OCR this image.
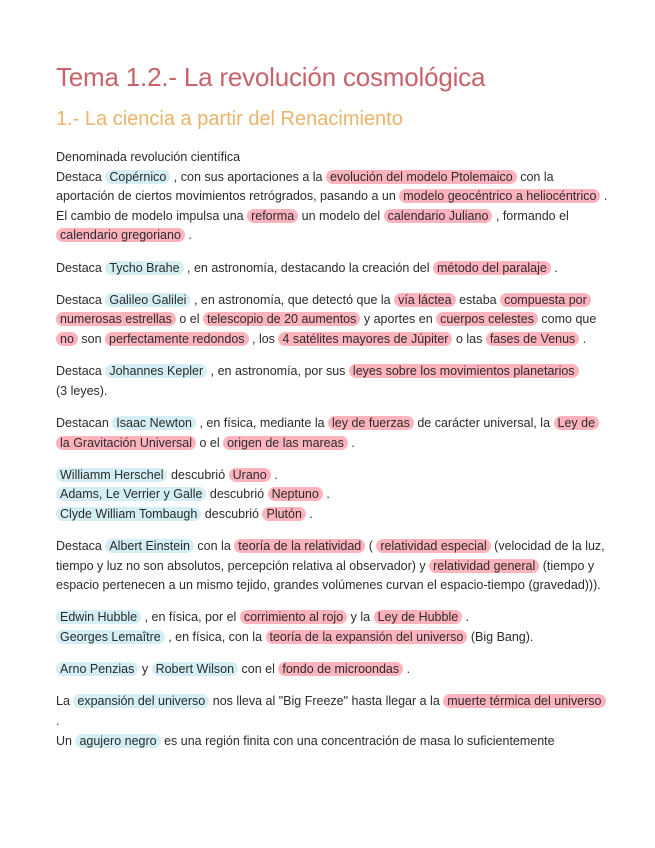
Tema 1.2.- La revolución cosmológica
1.- La ciencia a partir del Renacimiento

Denominada revolución científica
Destaca Copérnico , con sus aportaciones a la evolución del modelo Ptolemaico con la aportación de ciertos movimientos retrógrados, pasando a un modelo geocéntrico a heliocéntrico . El cambio de modelo impulsa una reforma un modelo del calendario Juliano , formando el calendario gregoriano .

Destaca Tycho Brahe , en astronomía, destacando la creación del método del paralaje .

Destaca Galileo Galilei , en astronomía, que detectó que la vía láctea estaba compuesta por numerosas estrellas o el telescopio de 20 aumentos y aportes en cuerpos celestes como que no son perfectamente redondos , los 4 satélites mayores de Júpiter o las fases de Venus .

Destaca Johannes Kepler , en astronomía, por sus leyes sobre los movimientos planetarios
(3 leyes).

Destacan Isaac Newton , en física, mediante la ley de fuerzas de carácter universal, la Ley de la Gravitación Universal o el origen de las mareas .

Williamm Herschel descubrió Urano .
Adams, Le Verrier y Galle descubrió Neptuno .
Clyde William Tombaugh descubrió Plutón .

Destaca Albert Einstein con la teoría de la relatividad ( relatividad especial (velocidad de la luz, tiempo y luz no son absolutos, percepción relativa al observador) y relatividad general (tiempo y espacio pertenecen a un mismo tejido, grandes volúmenes curvan el espacio-tiempo (gravedad))).

Edwin Hubble , en física, por el corrimiento al rojo y la Ley de Hubble .
Georges Lemaître , en física, con la teoría de la expansión del universo (Big Bang).

Arno Penzias y Robert Wilson con el fondo de microondas .

La expansión del universo nos lleva al "Big Freeze" hasta llegar a la muerte térmica del universo .
Un agujero negro es una región finita con una concentración de masa lo suficientemente
